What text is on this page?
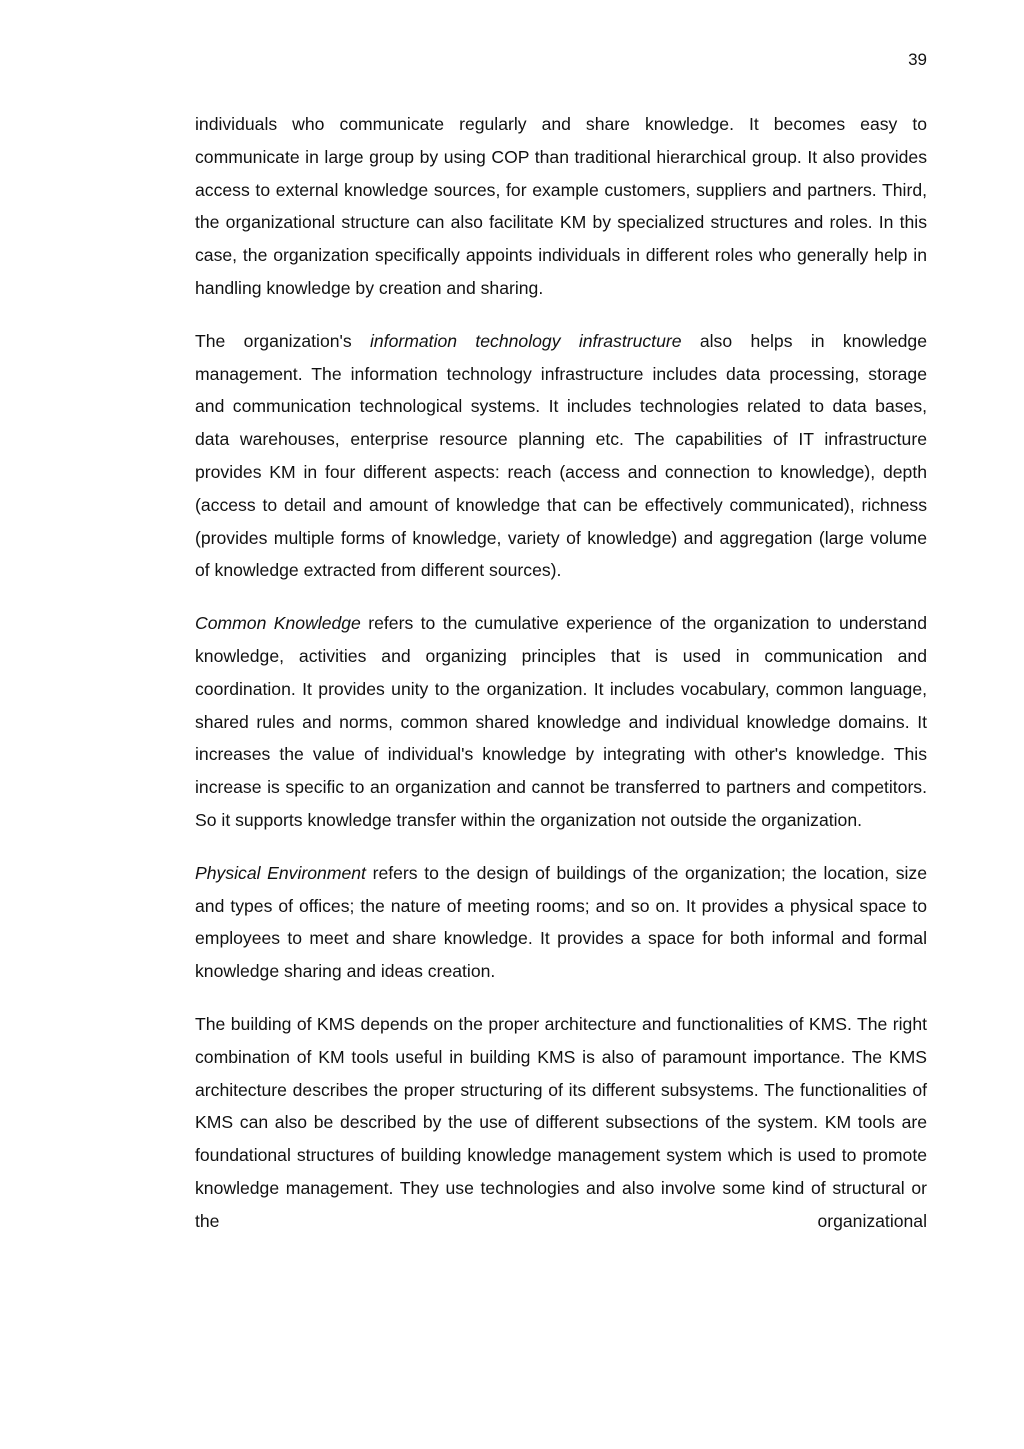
39

individuals who communicate regularly and share knowledge. It becomes easy to communicate in large group by using COP than traditional hierarchical group. It also provides access to external knowledge sources, for example customers, suppliers and partners. Third, the organizational structure can also facilitate KM by specialized structures and roles. In this case, the organization specifically appoints individuals in different roles who generally help in handling knowledge by creation and sharing.

The organization's information technology infrastructure also helps in knowledge management. The information technology infrastructure includes data processing, storage and communication technological systems. It includes technologies related to data bases, data warehouses, enterprise resource planning etc. The capabilities of IT infrastructure provides KM in four different aspects: reach (access and connection to knowledge), depth (access to detail and amount of knowledge that can be effectively communicated), richness (provides multiple forms of knowledge, variety of knowledge) and aggregation (large volume of knowledge extracted from different sources).

Common Knowledge refers to the cumulative experience of the organization to understand knowledge, activities and organizing principles that is used in communication and coordination. It provides unity to the organization. It includes vocabulary, common language, shared rules and norms, common shared knowledge and individual knowledge domains. It increases the value of individual's knowledge by integrating with other's knowledge. This increase is specific to an organization and cannot be transferred to partners and competitors. So it supports knowledge transfer within the organization not outside the organization.

Physical Environment refers to the design of buildings of the organization; the location, size and types of offices; the nature of meeting rooms; and so on. It provides a physical space to employees to meet and share knowledge. It provides a space for both informal and formal knowledge sharing and ideas creation.

The building of KMS depends on the proper architecture and functionalities of KMS. The right combination of KM tools useful in building KMS is also of paramount importance. The KMS architecture describes the proper structuring of its different subsystems. The functionalities of KMS can also be described by the use of different subsections of the system. KM tools are foundational structures of building knowledge management system which is used to promote knowledge management. They use technologies and also involve some kind of structural or the organizational
